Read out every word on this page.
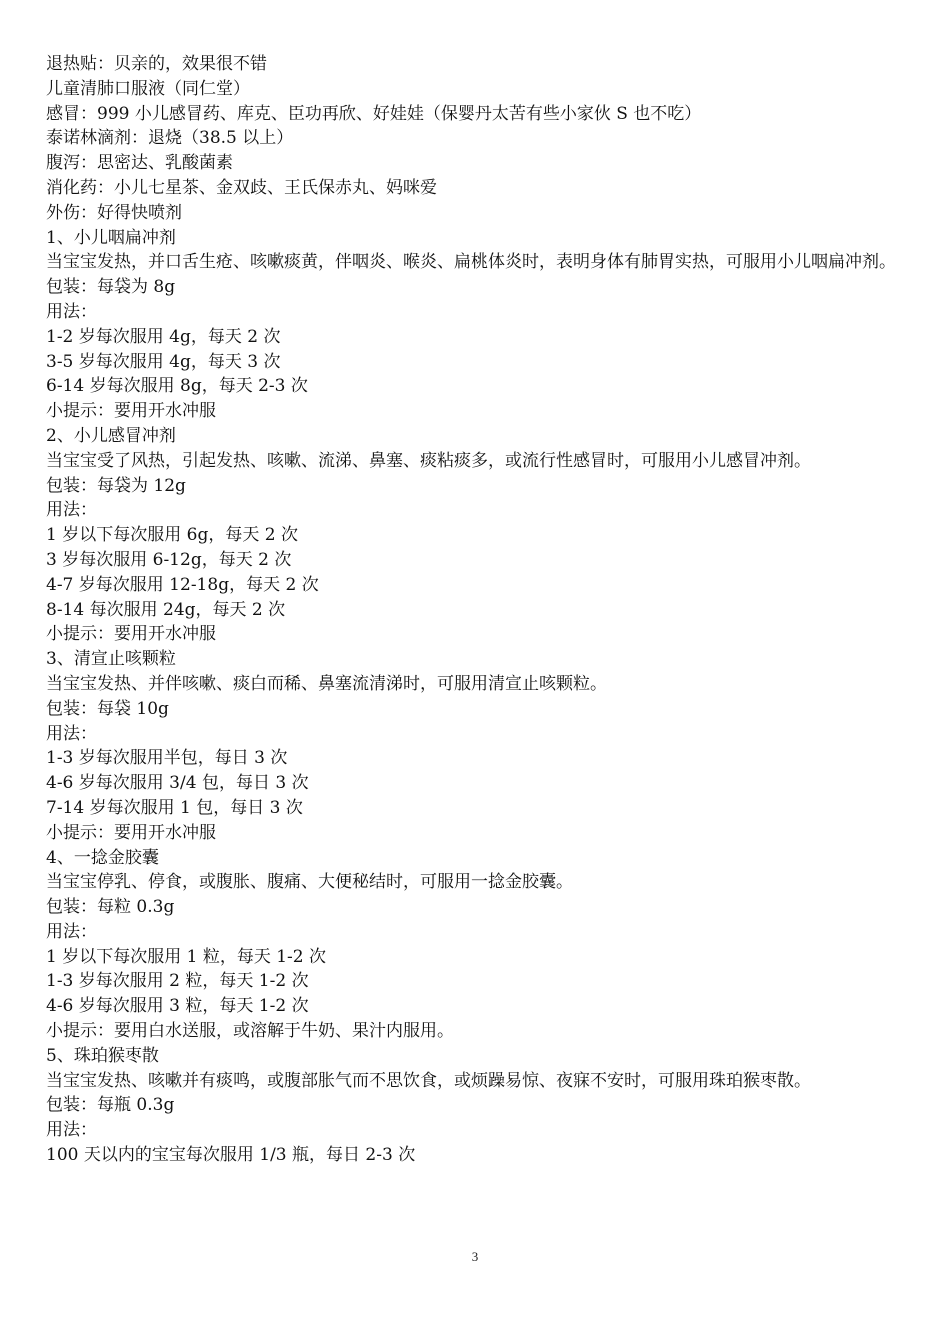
退热贴：贝亲的，效果很不错
儿童清肺口服液（同仁堂）
感冒：999 小儿感冒药、库克、臣功再欣、好娃娃（保婴丹太苦有些小家伙 S 也不吃）
泰诺林滴剂：退烧（38.5 以上）
腹泻：思密达、乳酸菌素
消化药：小儿七星茶、金双歧、王氏保赤丸、妈咪爱
外伤：好得快喷剂
1、小儿咽扁冲剂
当宝宝发热，并口舌生疮、咳嗽痰黄，伴咽炎、喉炎、扁桃体炎时，表明身体有肺胃实热，可服用小儿咽扁冲剂。
包装：每袋为 8g
用法：
1-2 岁每次服用 4g，每天 2 次
3-5 岁每次服用 4g，每天 3 次
6-14 岁每次服用 8g，每天 2-3 次
小提示：要用开水冲服
2、小儿感冒冲剂
当宝宝受了风热，引起发热、咳嗽、流涕、鼻塞、痰粘痰多，或流行性感冒时，可服用小儿感冒冲剂。
包装：每袋为 12g
用法：
1 岁以下每次服用 6g，每天 2 次
3 岁每次服用 6-12g，每天 2 次
4-7 岁每次服用 12-18g，每天 2 次
8-14 每次服用 24g，每天 2 次
小提示：要用开水冲服
3、清宣止咳颗粒
当宝宝发热、并伴咳嗽、痰白而稀、鼻塞流清涕时，可服用清宣止咳颗粒。
包装：每袋 10g
用法：
1-3 岁每次服用半包，每日 3 次
4-6 岁每次服用 3/4 包，每日 3 次
7-14 岁每次服用 1 包，每日 3 次
小提示：要用开水冲服
4、一捻金胶囊
当宝宝停乳、停食，或腹胀、腹痛、大便秘结时，可服用一捻金胶囊。
包装：每粒 0.3g
用法：
1 岁以下每次服用 1 粒，每天 1-2 次
1-3 岁每次服用 2 粒，每天 1-2 次
4-6 岁每次服用 3 粒，每天 1-2 次
小提示：要用白水送服，或溶解于牛奶、果汁内服用。
5、珠珀猴枣散
当宝宝发热、咳嗽并有痰鸣，或腹部胀气而不思饮食，或烦躁易惊、夜寐不安时，可服用珠珀猴枣散。
包装：每瓶 0.3g
用法：
100 天以内的宝宝每次服用 1/3 瓶，每日 2-3 次
3
